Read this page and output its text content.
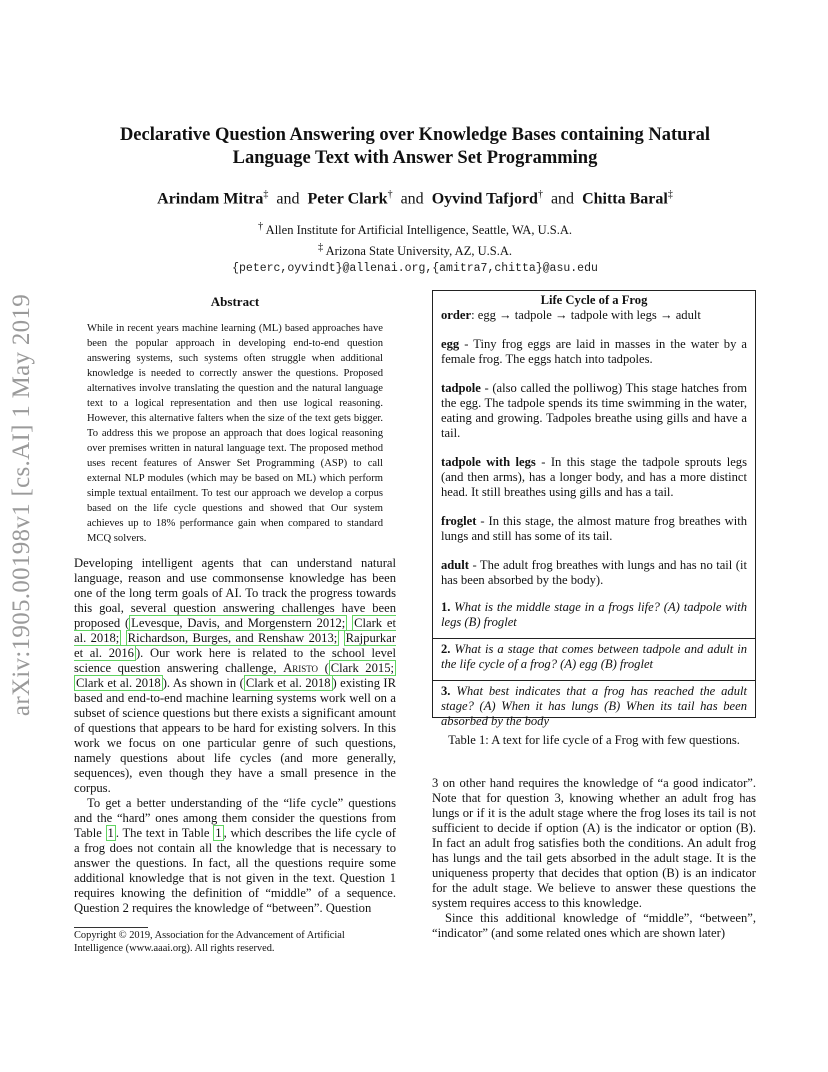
arXiv:1905.00198v1 [cs.AI] 1 May 2019
Declarative Question Answering over Knowledge Bases containing Natural Language Text with Answer Set Programming
Arindam Mitra‡ and Peter Clark† and Oyvind Tafjord† and Chitta Baral‡
† Allen Institute for Artificial Intelligence, Seattle, WA, U.S.A.
‡ Arizona State University, AZ, U.S.A.
{peterc,oyvindt}@allenai.org,{amitra7,chitta}@asu.edu
Abstract
While in recent years machine learning (ML) based approaches have been the popular approach in developing end-to-end question answering systems, such systems often struggle when additional knowledge is needed to correctly answer the questions. Proposed alternatives involve translating the question and the natural language text to a logical representation and then use logical reasoning. However, this alternative falters when the size of the text gets bigger. To address this we propose an approach that does logical reasoning over premises written in natural language text. The proposed method uses recent features of Answer Set Programming (ASP) to call external NLP modules (which may be based on ML) which perform simple textual entailment. To test our approach we develop a corpus based on the life cycle questions and showed that Our system achieves up to 18% performance gain when compared to standard MCQ solvers.

Developing intelligent agents that can understand natural language, reason and use commonsense knowledge has been one of the long term goals of AI. To track the progress towards this goal, several question answering challenges have been proposed ( Levesque, Davis, and Morgenstern 2012; Clark et al. 2018; Richardson, Burges, and Renshaw 2013; Rajpurkar et al. 2016 ). Our work here is related to the school level science question answering challenge, Aristo ( Clark 2015; Clark et al. 2018 ). As shown in ( Clark et al. 2018 ) existing IR based and end-to-end machine learning systems work well on a subset of science questions but there exists a significant amount of questions that appears to be hard for existing solvers. In this work we focus on one particular genre of such questions, namely questions about life cycles (and more generally, sequences), even though they have a small presence in the corpus.

To get a better understanding of the “life cycle” questions and the “hard” ones among them consider the questions from Table 1 . The text in Table 1 , which describes the life cycle of a frog does not contain all the knowledge that is necessary to answer the questions. In fact, all the questions require some additional knowledge that is not given in the text. Question 1 requires knowing the definition of “middle” of a sequence. Question 2 requires the knowledge of “between”. Question

Copyright © 2019, Association for the Advancement of Artificial Intelligence (www.aaai.org). All rights reserved.
Life Cycle of a Frog
order: egg → tadpole → tadpole with legs → adult
egg - Tiny frog eggs are laid in masses in the water by a female frog. The eggs hatch into tadpoles.
tadpole - (also called the polliwog) This stage hatches from the egg. The tadpole spends its time swimming in the water, eating and growing. Tadpoles breathe using gills and have a tail.
tadpole with legs - In this stage the tadpole sprouts legs (and then arms), has a longer body, and has a more distinct head. It still breathes using gills and has a tail.
froglet - In this stage, the almost mature frog breathes with lungs and still has some of its tail.
adult - The adult frog breathes with lungs and has no tail (it has been absorbed by the body).
1. What is the middle stage in a frogs life? (A) tadpole with legs (B) froglet
2. What is a stage that comes between tadpole and adult in the life cycle of a frog? (A) egg (B) froglet
3. What best indicates that a frog has reached the adult stage? (A) When it has lungs (B) When its tail has been absorbed by the body
Table 1: A text for life cycle of a Frog with few questions.

3 on other hand requires the knowledge of “a good indicator”. Note that for question 3, knowing whether an adult frog has lungs or if it is the adult stage where the frog loses its tail is not sufficient to decide if option (A) is the indicator or option (B). In fact an adult frog satisfies both the conditions. An adult frog has lungs and the tail gets absorbed in the adult stage. It is the uniqueness property that decides that option (B) is an indicator for the adult stage. We believe to answer these questions the system requires access to this knowledge.

Since this additional knowledge of “middle”, “between”, “indicator” (and some related ones which are shown later)
